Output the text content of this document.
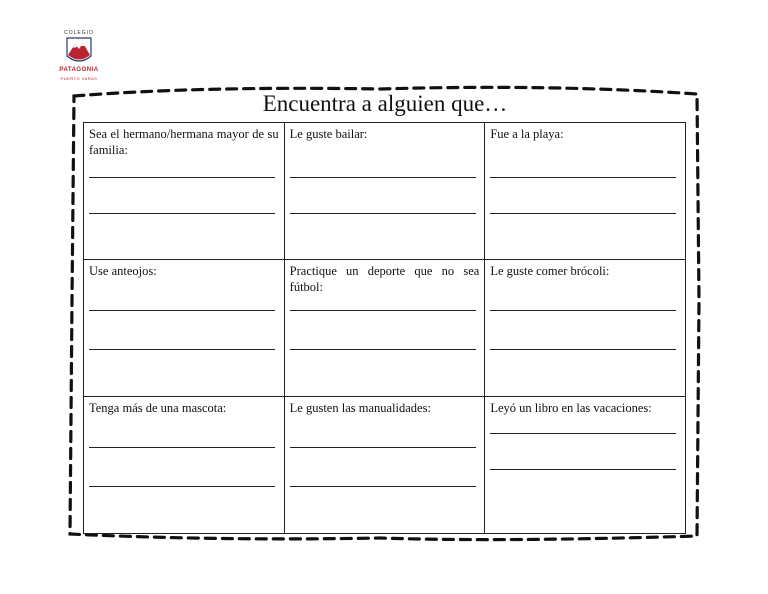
COLEGIO
PATAGONIA
PUERTO VARAS
Encuentra a alguien que…
Sea el hermano/hermana mayor de su familia:	Le guste bailar:	Fue a la playa:

Use anteojos:	Practique un deporte que no sea fútbol:	Le guste comer brócoli:

Tenga más de una mascota:	Le gusten las manualidades:	Leyó un libro en las vacaciones:
